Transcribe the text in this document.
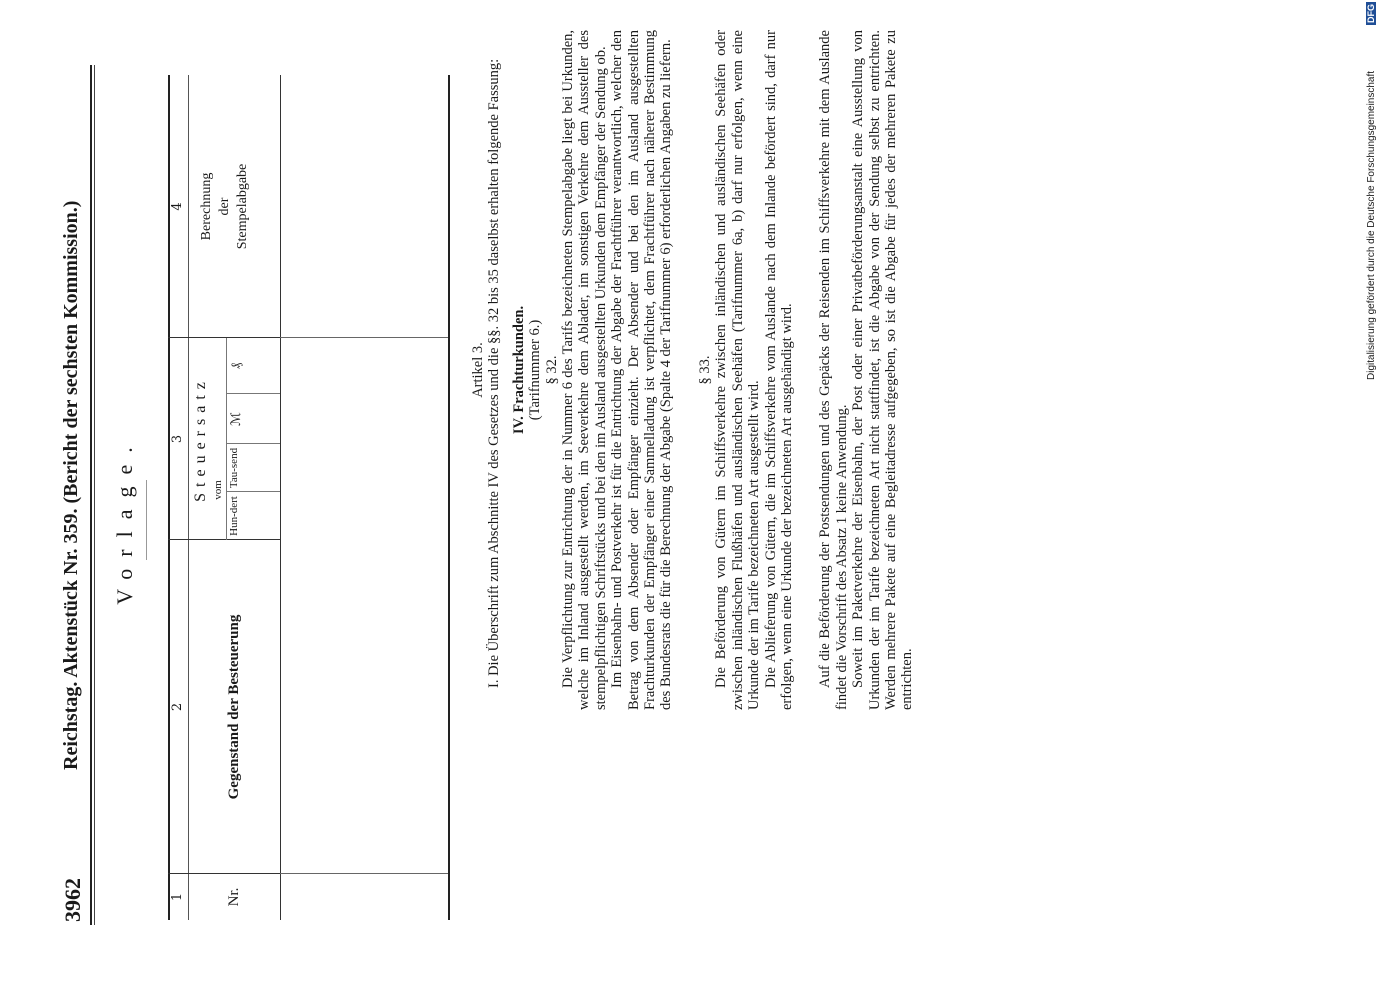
3962
Reichstag. Aktenstück Nr. 359. (Bericht der sechsten Kommission.) Vorlage.
1
2
3
4
Nr.
Gegenstand der Besteuerung
Steuersatz vom
Hun-dert
Tau-send
ℳ
₰
Berechnung der Stempelabgabe

Artikel 3. I. Die Überschrift zum Abschnitte IV des Gesetzes und die §§. 32 bis 35 daselbst erhalten folgende Fassung: IV. Frachturkunden. (Tarifnummer 6.) § 32. Die Verpflichtung zur Entrichtung der in Nummer 6 des Tarifs bezeichneten Stempelabgabe liegt bei Urkunden, welche im Inland ausgestellt werden, im Seeverkehre dem Ablader, im sonstigen Verkehre dem Aussteller des stempelpflichtigen Schriftstücks und bei den im Ausland ausgestellten Urkunden dem Empfänger der Sendung ob. Im Eisenbahn- und Postverkehr ist für die Entrichtung der Abgabe der Frachtführer verantwortlich, welcher den Betrag von dem Absender oder Empfänger einzieht. Der Absender und bei den im Ausland ausgestellten Frachturkunden der Empfänger einer Sammelladung ist verpflichtet, dem Frachtführer nach näherer Bestimmung des Bundesrats die für die Berechnung der Abgabe (Spalte 4 der Tarifnummer 6) erforderlichen Angaben zu liefern. § 33. Die Beförderung von Gütern im Schiffsverkehre zwischen inländischen und ausländischen Seehäfen oder zwischen inländischen Flußhäfen und ausländischen Seehäfen (Tarifnummer 6a, b) darf nur erfolgen, wenn eine Urkunde der im Tarife bezeichneten Art ausgestellt wird. Die Ablieferung von Gütern, die im Schiffsverkehre vom Auslande nach dem Inlande befördert sind, darf nur erfolgen, wenn eine Urkunde der bezeichneten Art ausgehändigt wird. Auf die Beförderung der Postsendungen und des Gepäcks der Reisenden im Schiffsverkehre mit dem Auslande findet die Vorschrift des Absatz 1 keine Anwendung. Soweit im Paketverkehre der Eisenbahn, der Post oder einer Privatbeförderungsanstalt eine Ausstellung von Urkunden der im Tarife bezeichneten Art nicht stattfindet, ist die Abgabe von der Sendung selbst zu entrichten. Werden mehrere Pakete auf eine Begleitadresse aufgegeben, so ist die Abgabe für jedes der mehreren Pakete zu entrichten.

Digitalisierung gefördert durch die Deutsche Forschungsgemeinschaft
DFG
